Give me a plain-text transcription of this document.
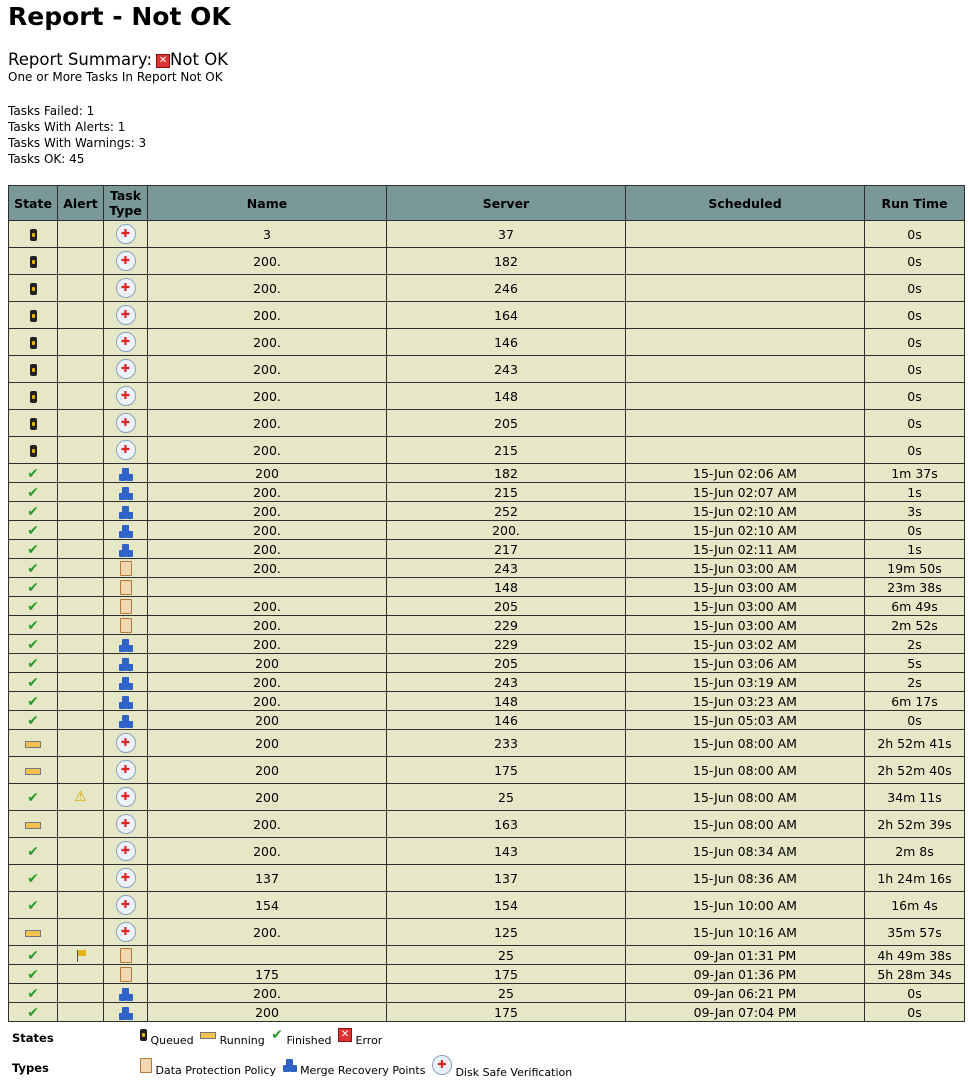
Report - Not OK
Report Summary: ✕ Not OK
One or More Tasks In Report Not OK
Tasks Failed: 1
Tasks With Alerts: 1
Tasks With Warnings: 3
Tasks OK: 45
State	Alert	Task Type	Name	Server	Scheduled	Run Time
		✚	3	37		0s
		✚	200.	182		0s
		✚	200.	246		0s
		✚	200.	164		0s
		✚	200.	146		0s
		✚	200.	243		0s
		✚	200.	148		0s
		✚	200.	205		0s
		✚	200.	215		0s
✔			200	182	15-Jun 02:06 AM	1m 37s
✔			200.	215	15-Jun 02:07 AM	1s
✔			200.	252	15-Jun 02:10 AM	3s
✔			200.	200.	15-Jun 02:10 AM	0s
✔			200.	217	15-Jun 02:11 AM	1s
✔			200.	243	15-Jun 03:00 AM	19m 50s
✔				148	15-Jun 03:00 AM	23m 38s
✔			200.	205	15-Jun 03:00 AM	6m 49s
✔			200.	229	15-Jun 03:00 AM	2m 52s
✔			200.	229	15-Jun 03:02 AM	2s
✔			200	205	15-Jun 03:06 AM	5s
✔			200.	243	15-Jun 03:19 AM	2s
✔			200.	148	15-Jun 03:23 AM	6m 17s
✔			200	146	15-Jun 05:03 AM	0s
		✚	200	233	15-Jun 08:00 AM	2h 52m 41s
		✚	200	175	15-Jun 08:00 AM	2h 52m 40s
✔	⚠	✚	200	25	15-Jun 08:00 AM	34m 11s
		✚	200.	163	15-Jun 08:00 AM	2h 52m 39s
✔		✚	200.	143	15-Jun 08:34 AM	2m 8s
✔		✚	137	137	15-Jun 08:36 AM	1h 24m 16s
✔		✚	154	154	15-Jun 10:00 AM	16m 4s
		✚	200.	125	15-Jun 10:16 AM	35m 57s
✔				25	09-Jan 01:31 PM	4h 49m 38s
✔			175	175	09-Jan 01:36 PM	5h 28m 34s
✔			200.	25	09-Jan 06:21 PM	0s
✔			200	175	09-Jan 07:04 PM	0s
States	Queued Running ✔ Finished ✕ Error
Types	Data Protection Policy Merge Recovery Points ✚	Disk Safe Verification
